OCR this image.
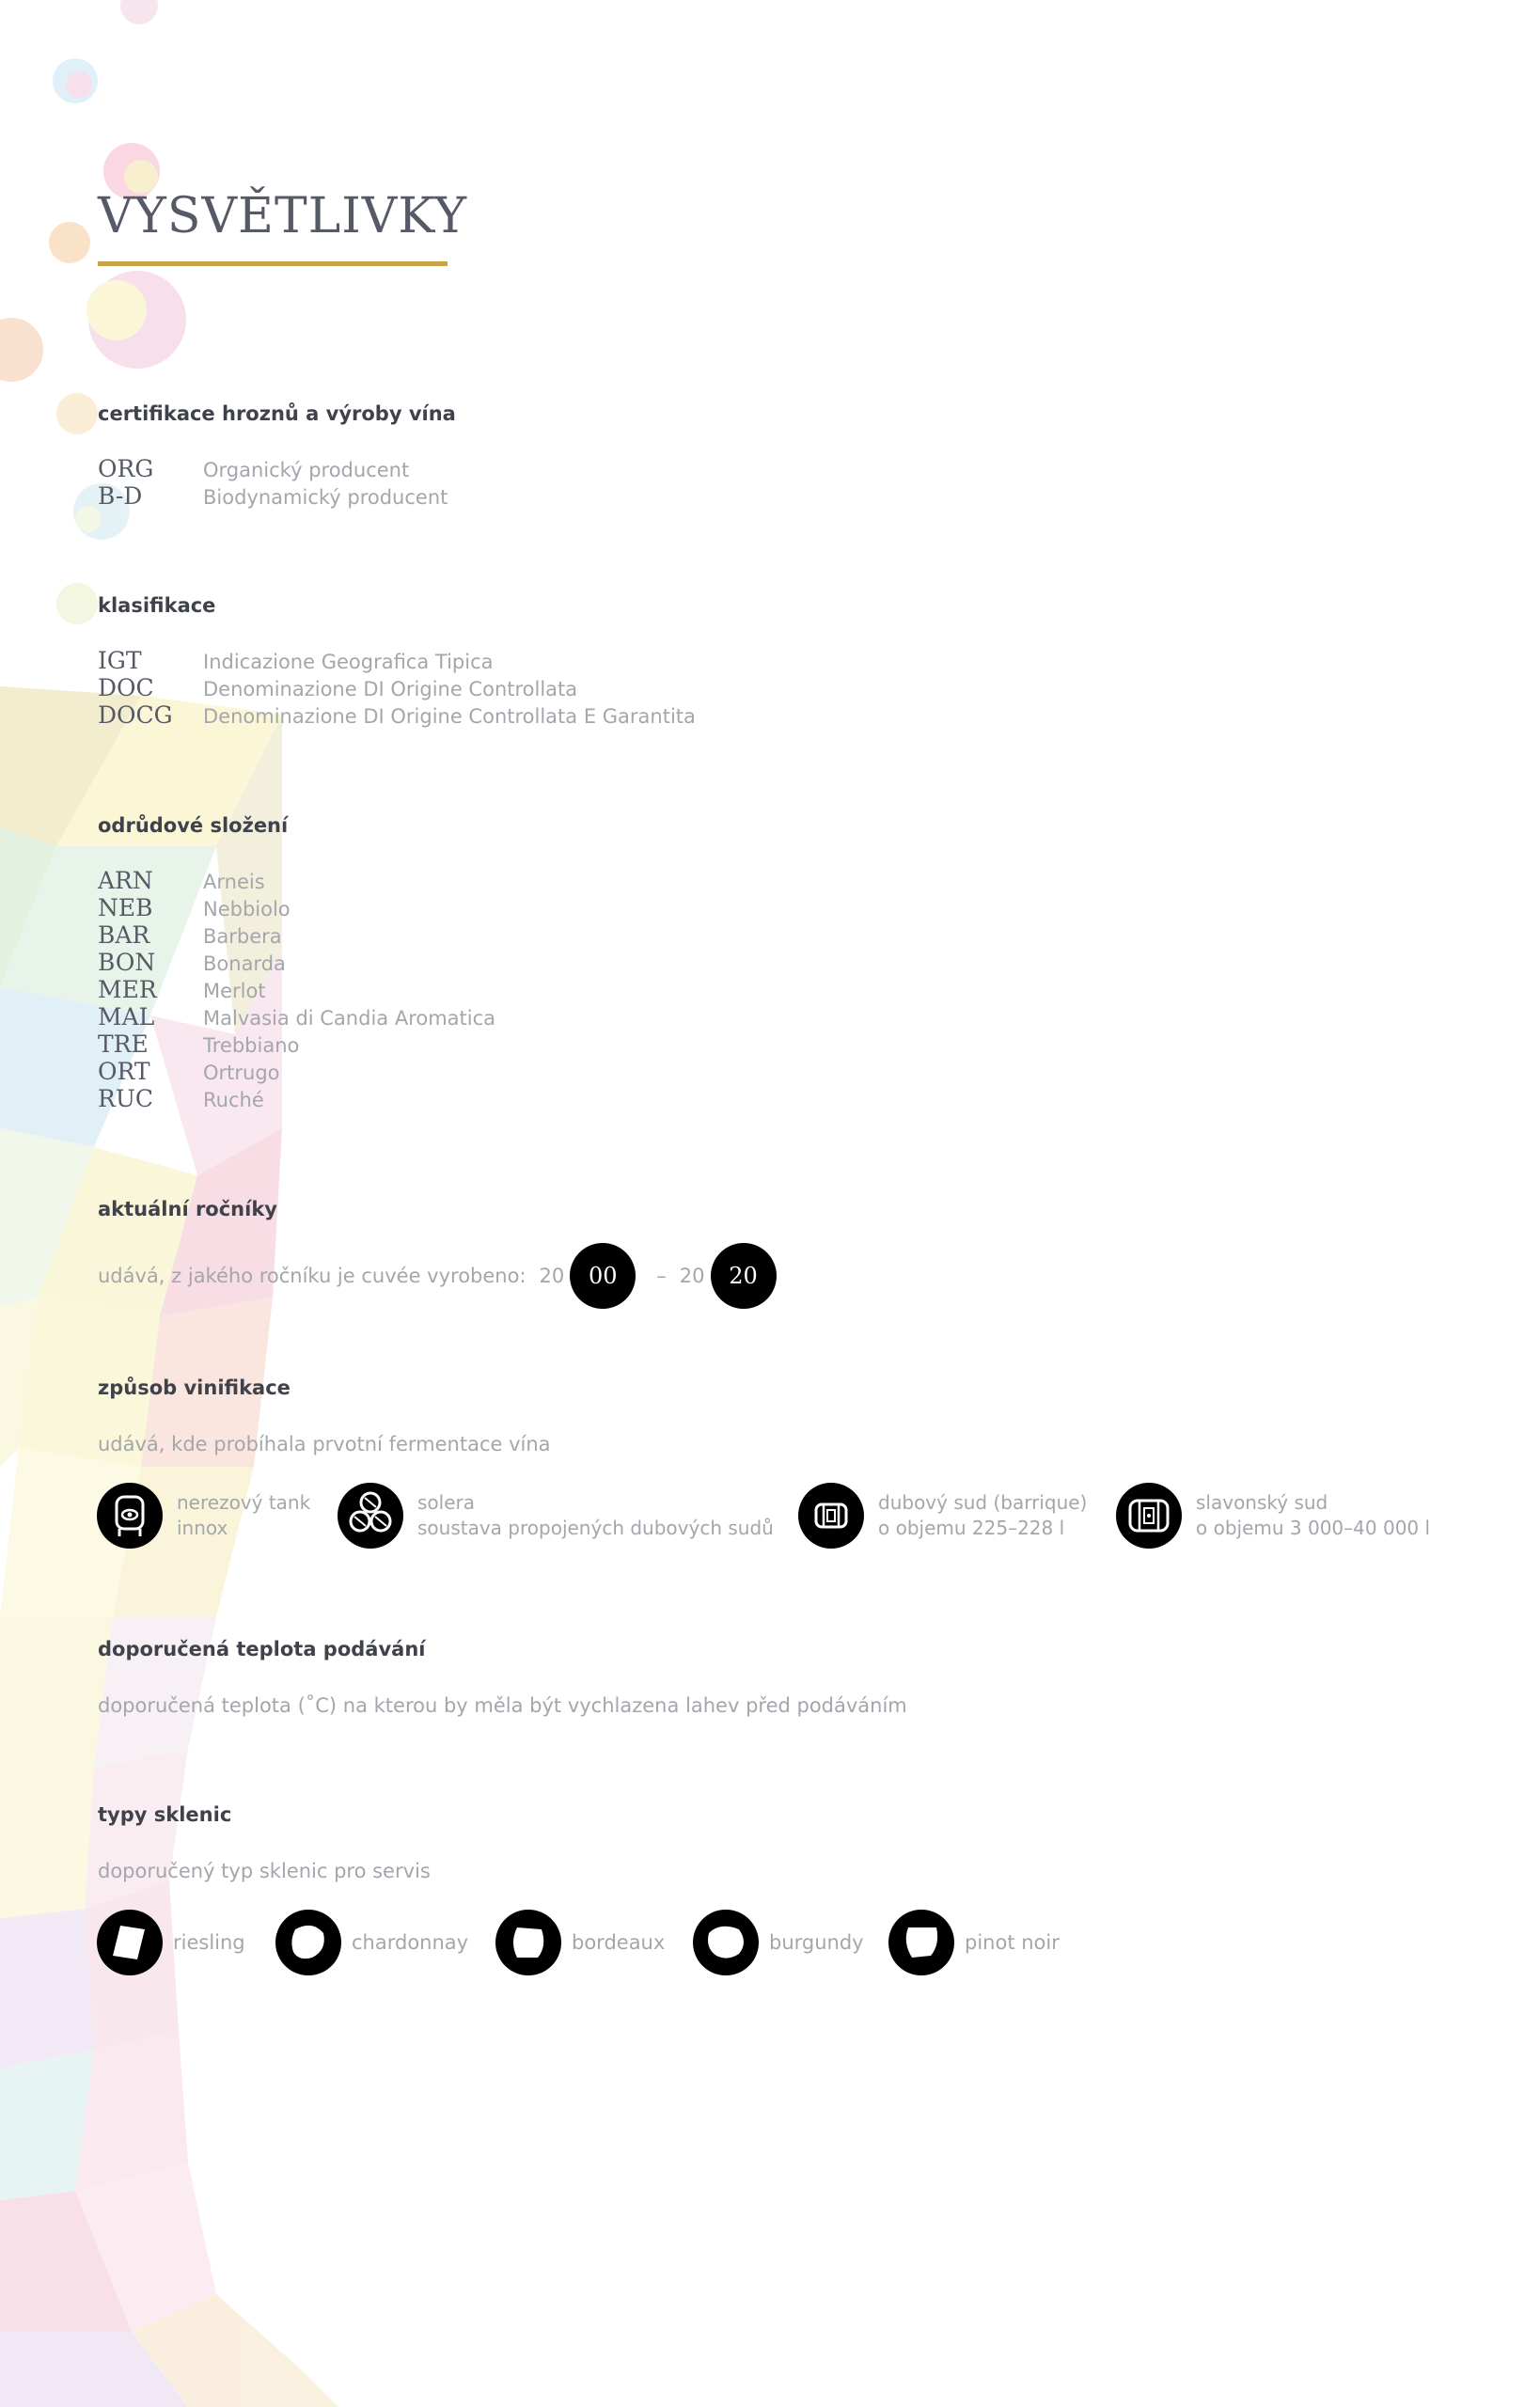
VYSVĚTLIVKY
certifikace hroznů a výroby vína
ORG	Organický producent
B-D	Biodynamický producent
klasifikace
IGT	Indicazione Geografica Tipica
DOC Denominazione DI Origine Controllata
DOCG Denominazione DI Origine Controllata E Garantita
odrůdové složení
ARN	Arneis
NEB	Nebbiolo
BAR	Barbera
BON Bonarda
MER Merlot
MAL Malvasia di Candia Aromatica
TRE	Trebbiano
ORT	Ortrugo
RUC	Ruché
aktuální ročníky
udává, z jakého ročníku je cuvée vyrobeno: 20	00	– 20	20
způsob vinifikace

udává, kde probíhala prvotní fermentace vína

nerezový tank
innox
solera
soustava propojených dubových sudů
dubový sud (barrique)
o objemu 225–228 l
slavonský sud
o objemu 3 000–40 000 l
doporučená teplota podávání

doporučená teplota (˚C) na kterou by měla být vychlazena lahev před podáváním

typy sklenic

doporučený typ sklenic pro servis

riesling	chardonnay	bordeaux	burgundy	pinot noir
